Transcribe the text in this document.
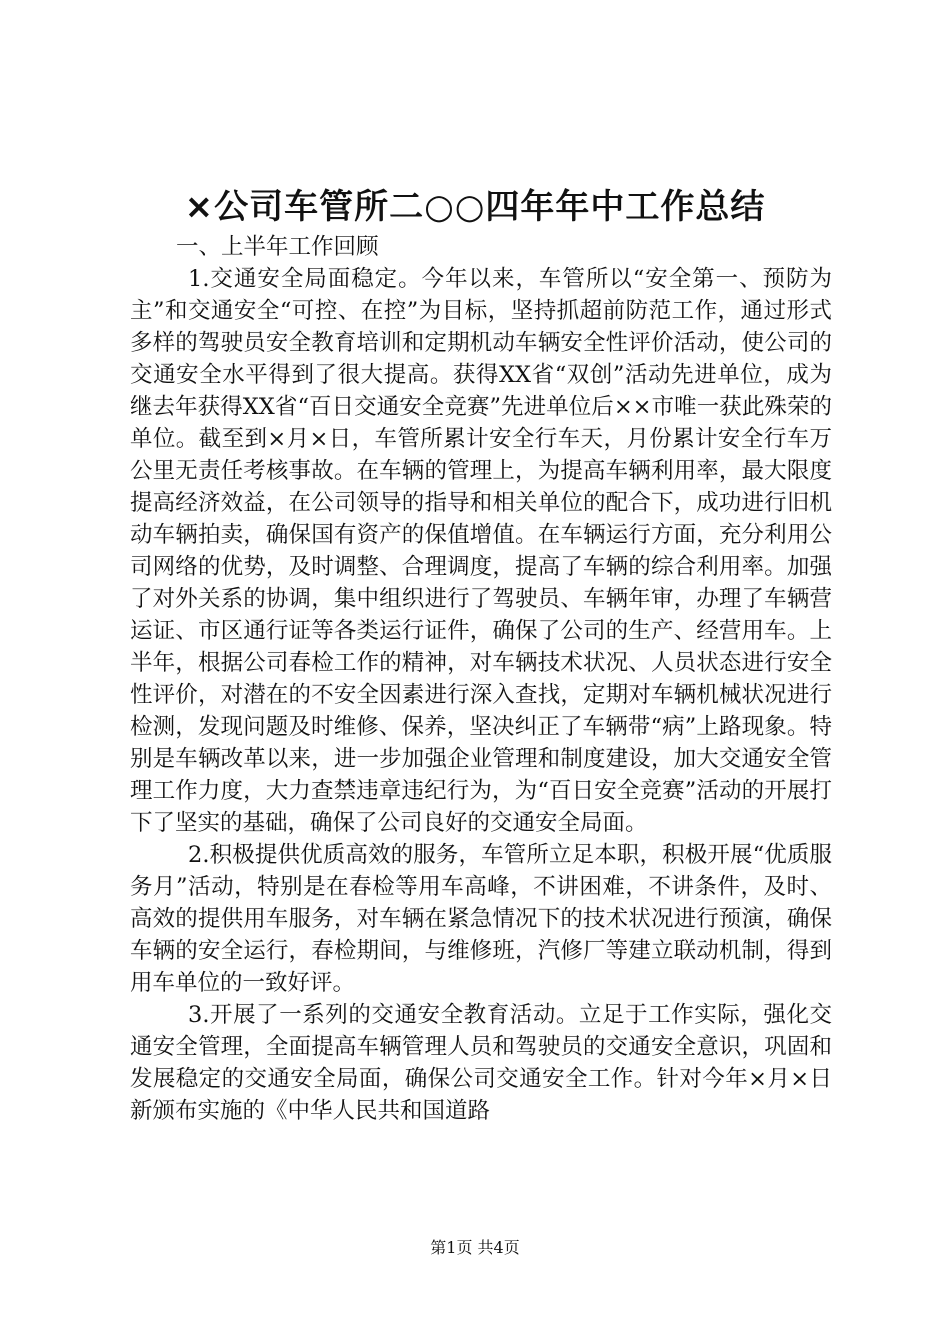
×公司车管所二○○四年年中工作总结

一、上半年工作回顾

1.交通安全局面稳定。今年以来，车管所以“安全第一、预防为主”和交通安全“可控、在控”为目标，坚持抓超前防范工作，通过形式多样的驾驶员安全教育培训和定期机动车辆安全性评价活动，使公司的交通安全水平得到了很大提高。获得XX省“双创”活动先进单位，成为继去年获得XX省“百日交通安全竞赛”先进单位后××市唯一获此殊荣的单位。截至到×月×日，车管所累计安全行车天，月份累计安全行车万公里无责任考核事故。在车辆的管理上，为提高车辆利用率，最大限度提高经济效益，在公司领导的指导和相关单位的配合下，成功进行旧机动车辆拍卖，确保国有资产的保值增值。在车辆运行方面，充分利用公司网络的优势，及时调整、合理调度，提高了车辆的综合利用率。加强了对外关系的协调，集中组织进行了驾驶员、车辆年审，办理了车辆营运证、市区通行证等各类运行证件，确保了公司的生产、经营用车。上半年，根据公司春检工作的精神，对车辆技术状况、人员状态进行安全性评价，对潜在的不安全因素进行深入查找，定期对车辆机械状况进行检测，发现问题及时维修、保养，坚决纠正了车辆带“病”上路现象。特别是车辆改革以来，进一步加强企业管理和制度建设，加大交通安全管理工作力度，大力查禁违章违纪行为，为“百日安全竞赛”活动的开展打下了坚实的基础，确保了公司良好的交通安全局面。

2.积极提供优质高效的服务，车管所立足本职，积极开展“优质服务月”活动，特别是在春检等用车高峰，不讲困难，不讲条件，及时、高效的提供用车服务，对车辆在紧急情况下的技术状况进行预演，确保车辆的安全运行，春检期间，与维修班，汽修厂等建立联动机制，得到用车单位的一致好评。

3.开展了一系列的交通安全教育活动。立足于工作实际，强化交通安全管理，全面提高车辆管理人员和驾驶员的交通安全意识，巩固和发展稳定的交通安全局面，确保公司交通安全工作。针对今年×月×日新颁布实施的《中华人民共和国道路

第1页 共4页
